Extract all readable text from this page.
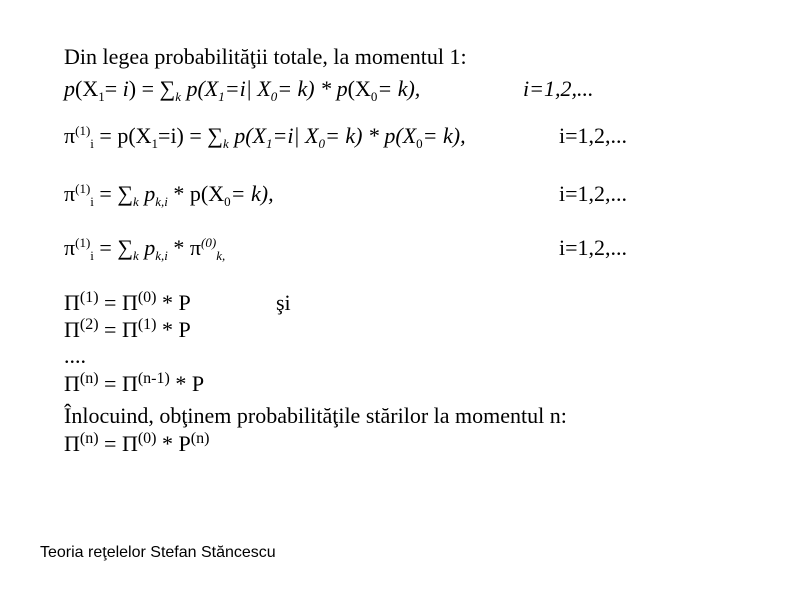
Din legea probabilităţii totale, la momentul 1:
$p(X_1= i) = \sum_k$ $p(X_1=i|$ $X_0= k) * p(X_0= k)$,	i=1,2,...
$\pi^{(1)}_i = p(X_1=i) = \sum_k$ $p(X_1=i|$ $X_0= k) * p(X_0= k)$,	i=1,2,...
$\pi^{(1)}_i = \sum_k$ $p_{k,i} * p(X_0= k)$,	i=1,2,...
$\pi^{(1)}_i = \sum_k$ $p_{k,i} * \pi^{(0)}_{k,}$	i=1,2,...
$\Pi^{(1)} = \Pi^{(0)} * P$	şi
$\Pi^{(2)} = \Pi^{(1)} * P$
....
$\Pi^{(n)} = \Pi^{(n-1)} * P$
Înlocuind, obţinem probabilităţile stărilor la momentul n:
$\Pi^{(n)} = \Pi^{(0)} * P^{(n)}$
Teoria reţelelor Stefan Stăncescu
